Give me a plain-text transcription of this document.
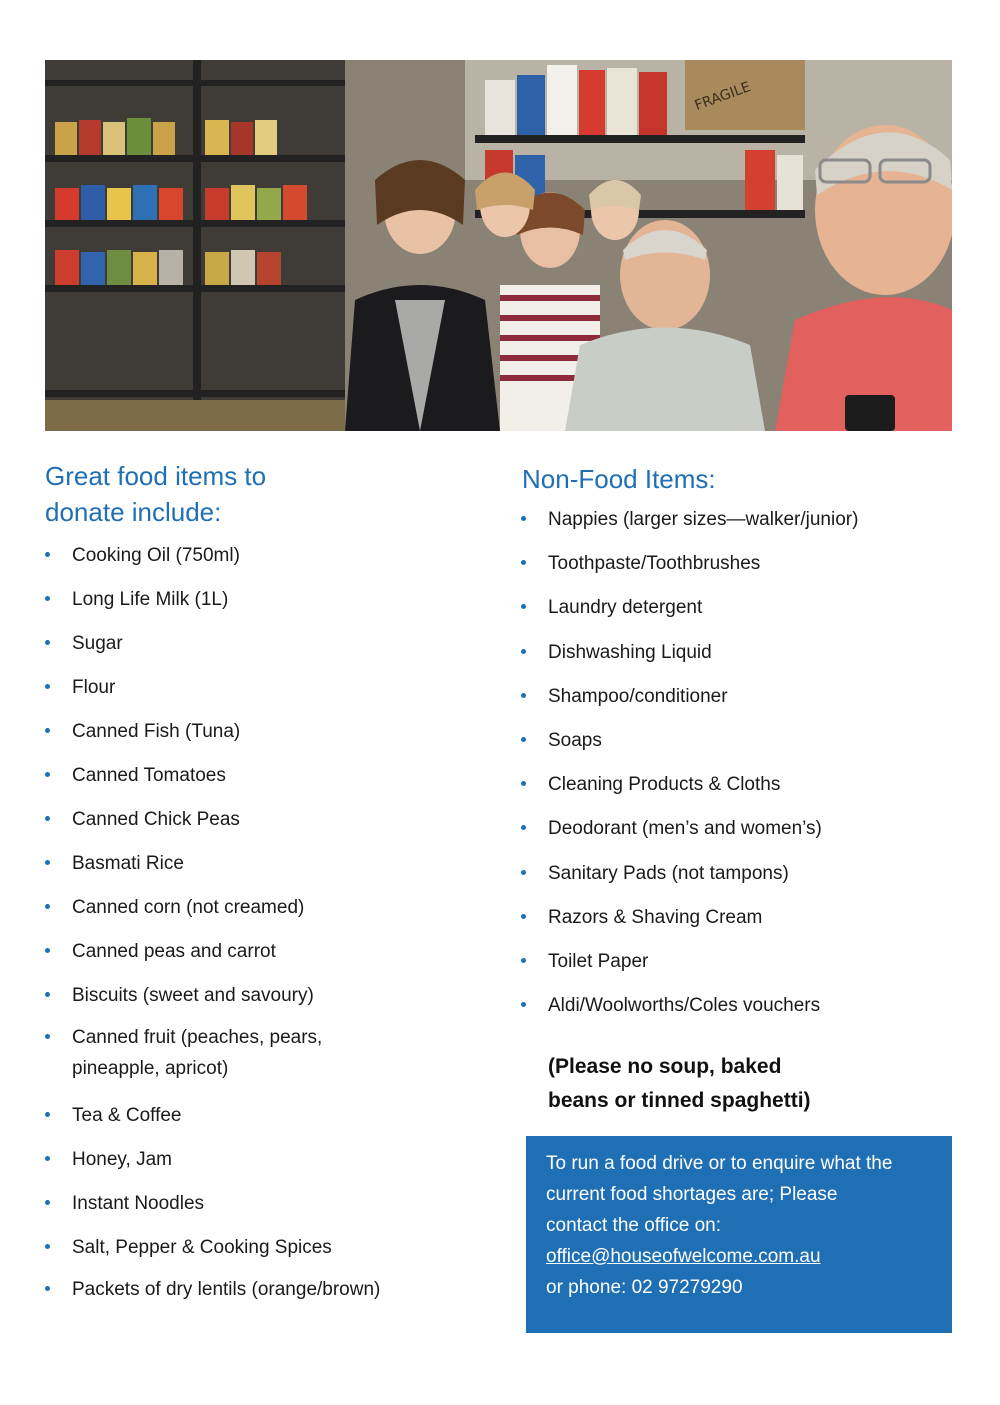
FRAGILE
Great food items to
donate include:
Cooking Oil (750ml)
Long Life Milk (1L)
Sugar
Flour
Canned Fish (Tuna)
Canned Tomatoes
Canned Chick Peas
Basmati Rice
Canned corn (not creamed)
Canned peas and carrot
Biscuits (sweet and savoury)
Canned fruit (peaches, pears,
pineapple, apricot)
Tea & Coffee
Honey, Jam
Instant Noodles
Salt, Pepper & Cooking Spices
Packets of dry lentils (orange/brown)
Non-Food Items:
Nappies (larger sizes—walker/junior)
Toothpaste/Toothbrushes
Laundry detergent
Dishwashing Liquid
Shampoo/conditioner
Soaps
Cleaning Products & Cloths
Deodorant (men’s and women’s)
Sanitary Pads (not tampons)
Razors & Shaving Cream
Toilet Paper
Aldi/Woolworths/Coles vouchers
(Please no soup, baked
beans or tinned spaghetti)

To run a food drive or to enquire what the

current food shortages are; Please

contact the office on:

office@houseofwelcome.com.au

or phone: 02 97279290
